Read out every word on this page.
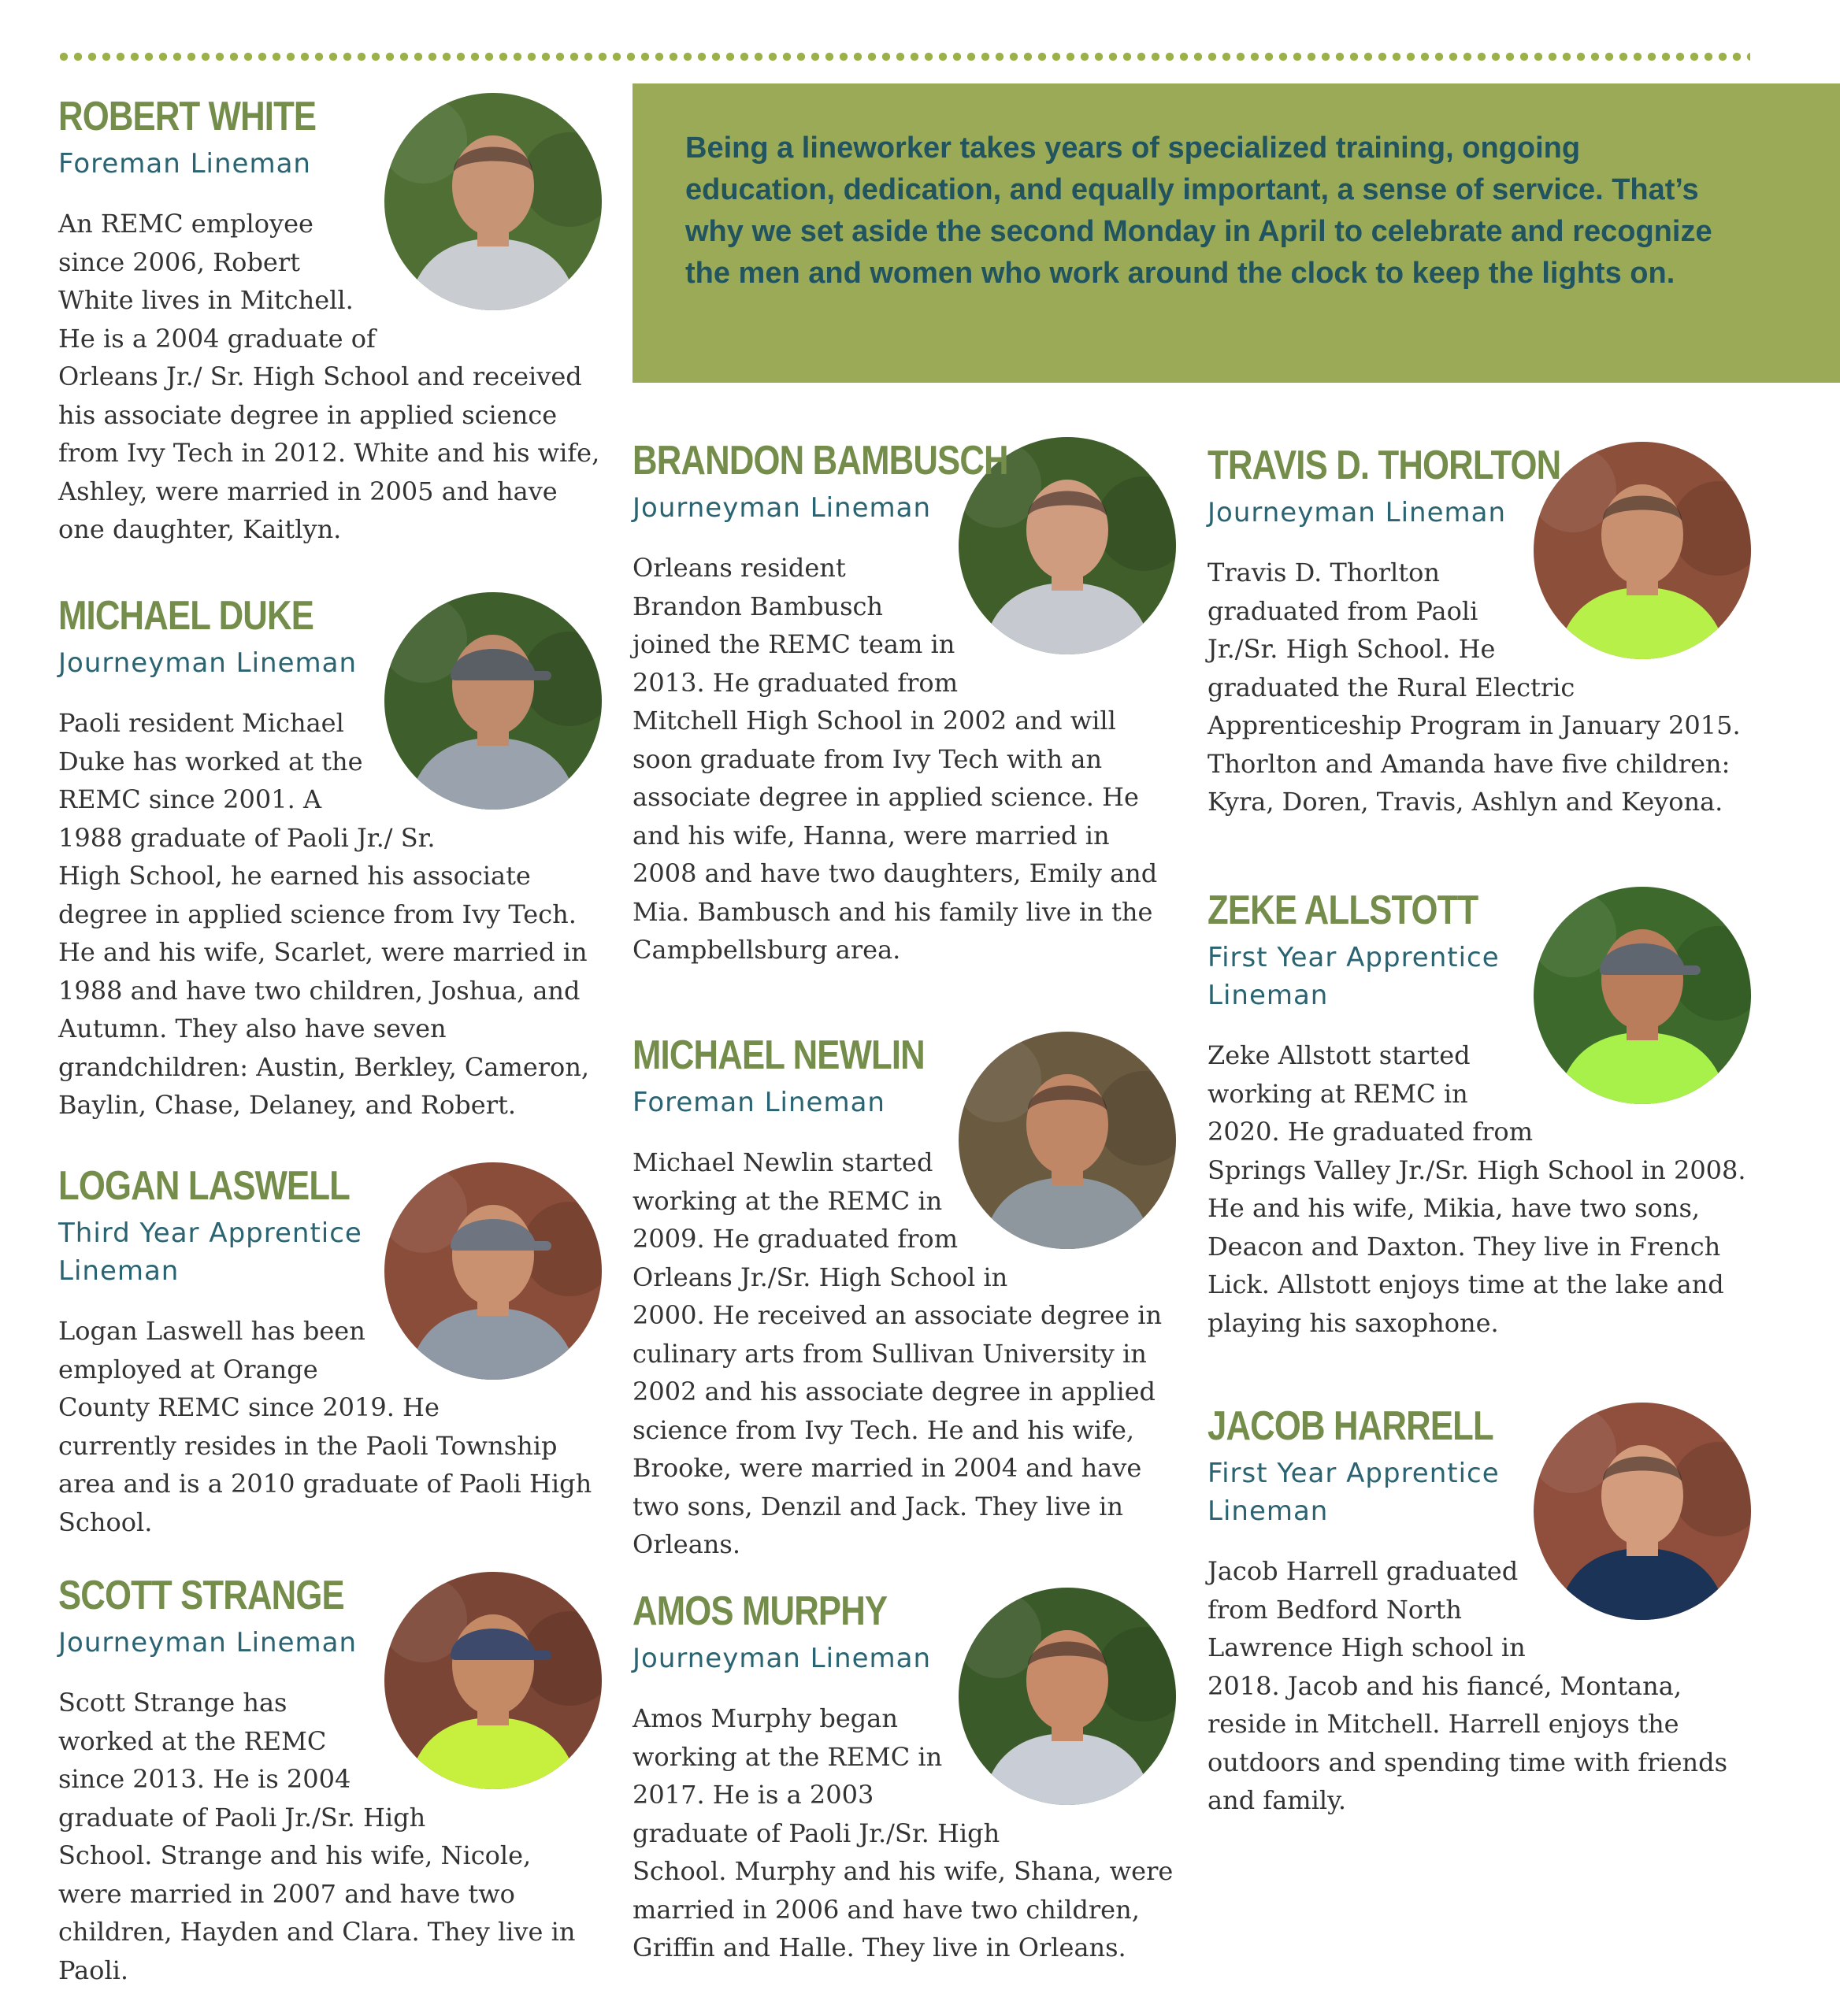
Being a lineworker takes years of specialized training, ongoing education, dedication, and equally important, a sense of service. That’s why we set aside the second Monday in April to celebrate and recognize the men and women who work around the clock to keep the lights on.

ROBERT WHITE
Foreman Lineman
An REMC employee since 2006, Robert White lives in Mitchell. He is a 2004 graduate of Orleans Jr./ Sr. High School and received his associate degree in applied science from Ivy Tech in 2012. White and his wife, Ashley, were married in 2005 and have one daughter, Kaitlyn.
MICHAEL DUKE
Journeyman Lineman
Paoli resident Michael Duke has worked at the REMC since 2001. A 1988 graduate of Paoli Jr./ Sr. High School, he earned his associate degree in applied science from Ivy Tech. He and his wife, Scarlet, were married in 1988 and have two children, Joshua, and Autumn. They also have seven grandchildren: Austin, Berkley, Cameron, Baylin, Chase, Delaney, and Robert.
LOGAN LASWELL
Third Year Apprentice Lineman
Logan Laswell has been employed at Orange County REMC since 2019. He currently resides in the Paoli Township area and is a 2010 graduate of Paoli High School.
SCOTT STRANGE
Journeyman Lineman
Scott Strange has worked at the REMC since 2013. He is 2004 graduate of Paoli Jr./Sr. High School. Strange and his wife, Nicole, were married in 2007 and have two children, Hayden and Clara. They live in Paoli.
BRANDON BAMBUSCH
Journeyman Lineman
Orleans resident Brandon Bambusch joined the REMC team in 2013. He graduated from Mitchell High School in 2002 and will soon graduate from Ivy Tech with an associate degree in applied science. He and his wife, Hanna, were married in 2008 and have two daughters, Emily and Mia. Bambusch and his family live in the Campbellsburg area.
MICHAEL NEWLIN
Foreman Lineman
Michael Newlin started working at the REMC in 2009. He graduated from Orleans Jr./Sr. High School in 2000. He received an associate degree in culinary arts from Sullivan University in 2002 and his associate degree in applied science from Ivy Tech. He and his wife, Brooke, were married in 2004 and have two sons, Denzil and Jack. They live in Orleans.
AMOS MURPHY
Journeyman Lineman
Amos Murphy began working at the REMC in 2017. He is a 2003 graduate of Paoli Jr./Sr. High School. Murphy and his wife, Shana, were married in 2006 and have two children, Griffin and Halle. They live in Orleans.
TRAVIS D. THORLTON
Journeyman Lineman
Travis D. Thorlton graduated from Paoli Jr./Sr. High School. He graduated the Rural Electric Apprenticeship Program in January 2015. Thorlton and Amanda have five children: Kyra, Doren, Travis, Ashlyn and Keyona.
ZEKE ALLSTOTT
First Year Apprentice Lineman
Zeke Allstott started working at REMC in 2020. He graduated from Springs Valley Jr./Sr. High School in 2008. He and his wife, Mikia, have two sons, Deacon and Daxton. They live in French Lick. Allstott enjoys time at the lake and playing his saxophone.
JACOB HARRELL
First Year Apprentice Lineman
Jacob Harrell graduated from Bedford North Lawrence High school in 2018. Jacob and his fiancé, Montana, reside in Mitchell. Harrell enjoys the outdoors and spending time with friends and family.
